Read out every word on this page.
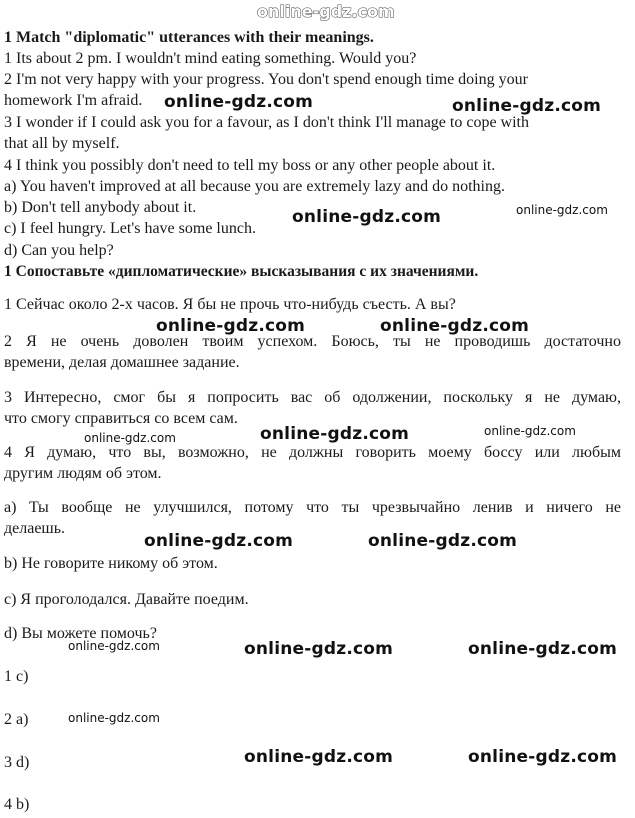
online-gdz.com
1 Match "diplomatic" utterances with their meanings.
1 Its about 2 pm. I wouldn't mind eating something. Would you?
2 I'm not very happy with your progress. You don't spend enough time doing your
homework I'm afraid.
3 I wonder if I could ask you for a favour, as I don't think I'll manage to cope with
that all by myself.
4 I think you possibly don't need to tell my boss or any other people about it.
a) You haven't improved at all because you are extremely lazy and do nothing.
b) Don't tell anybody about it.
c) I feel hungry. Let's have some lunch.
d) Can you help?
1 Сопоставьте «дипломатические» высказывания с их значениями.
1 Сейчас около 2-х часов. Я бы не прочь что-нибудь съесть. А вы?
2 Я не очень доволен твоим успехом. Боюсь, ты не проводишь достаточно
времени, делая домашнее задание.
3 Интересно, смог бы я попросить вас об одолжении, поскольку я не думаю,
что смогу справиться со всем сам.
4 Я думаю, что вы, возможно, не должны говорить моему боссу или любым
другим людям об этом.
а) Ты вообще не улучшился, потому что ты чрезвычайно ленив и ничего не
делаешь.
b) Не говорите никому об этом.
с) Я проголодался. Давайте поедим.
d) Вы можете помочь?
1 c)
2 a)
3 d)
4 b)
online-gdz.com	online-gdz.com
online-gdz.com	online-gdz.com
online-gdz.com	online-gdz.com
online-gdz.com	online-gdz.com	online-gdz.com
online-gdz.com	online-gdz.com
online-gdz.com	online-gdz.com	online-gdz.com
online-gdz.com
online-gdz.com	online-gdz.com
